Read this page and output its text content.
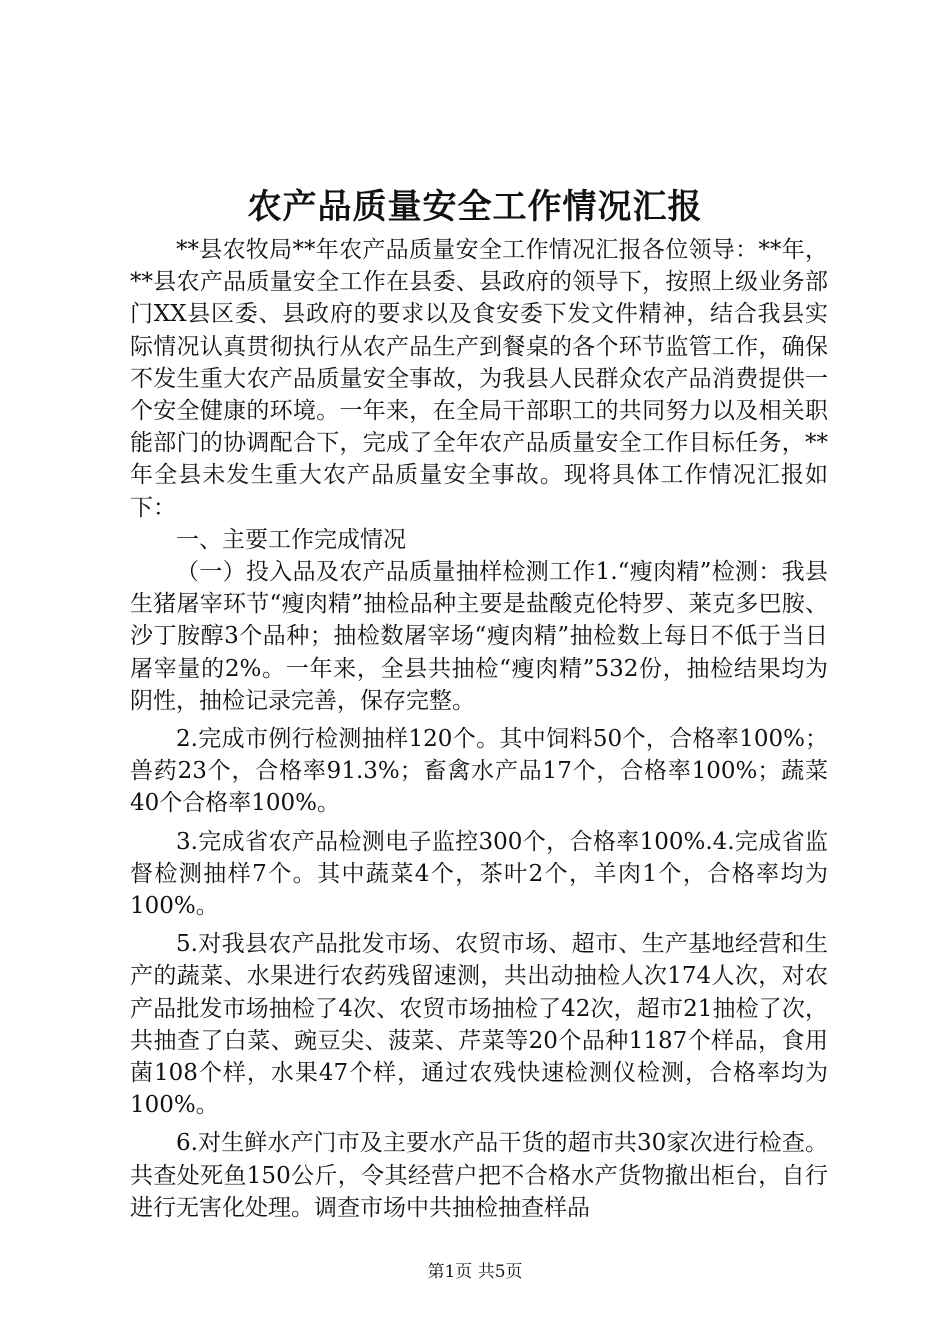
农产品质量安全工作情况汇报

**县农牧局**年农产品质量安全工作情况汇报各位领导：**年，**县农产品质量安全工作在县委、县政府的领导下，按照上级业务部门XX县区委、县政府的要求以及食安委下发文件精神，结合我县实际情况认真贯彻执行从农产品生产到餐桌的各个环节监管工作，确保不发生重大农产品质量安全事故，为我县人民群众农产品消费提供一个安全健康的环境。一年来，在全局干部职工的共同努力以及相关职能部门的协调配合下，完成了全年农产品质量安全工作目标任务，**年全县未发生重大农产品质量安全事故。现将具体工作情况汇报如下：

一、主要工作完成情况

（一）投入品及农产品质量抽样检测工作1.“瘦肉精”检测：我县生猪屠宰环节“瘦肉精”抽检品种主要是盐酸克伦特罗、莱克多巴胺、沙丁胺醇3个品种；抽检数屠宰场“瘦肉精”抽检数上每日不低于当日屠宰量的2%。一年来，全县共抽检“瘦肉精”532份，抽检结果均为阴性，抽检记录完善，保存完整。

2.完成市例行检测抽样120个。其中饲料50个，合格率100%；兽药23个，合格率91.3%；畜禽水产品17个，合格率100%；蔬菜40个合格率100%。

3.完成省农产品检测电子监控300个，合格率100%.4.完成省监督检测抽样7个。其中蔬菜4个，茶叶2个，羊肉1个，合格率均为100%。

5.对我县农产品批发市场、农贸市场、超市、生产基地经营和生产的蔬菜、水果进行农药残留速测，共出动抽检人次174人次，对农产品批发市场抽检了4次、农贸市场抽检了42次，超市21抽检了次，共抽查了白菜、豌豆尖、菠菜、芹菜等20个品种1187个样品，食用菌108个样，水果47个样，通过农残快速检测仪检测，合格率均为100%。

6.对生鲜水产门市及主要水产品干货的超市共30家次进行检查。共查处死鱼150公斤，令其经营户把不合格水产货物撤出柜台，自行进行无害化处理。调查市场中共抽检抽查样品

第1页 共5页
